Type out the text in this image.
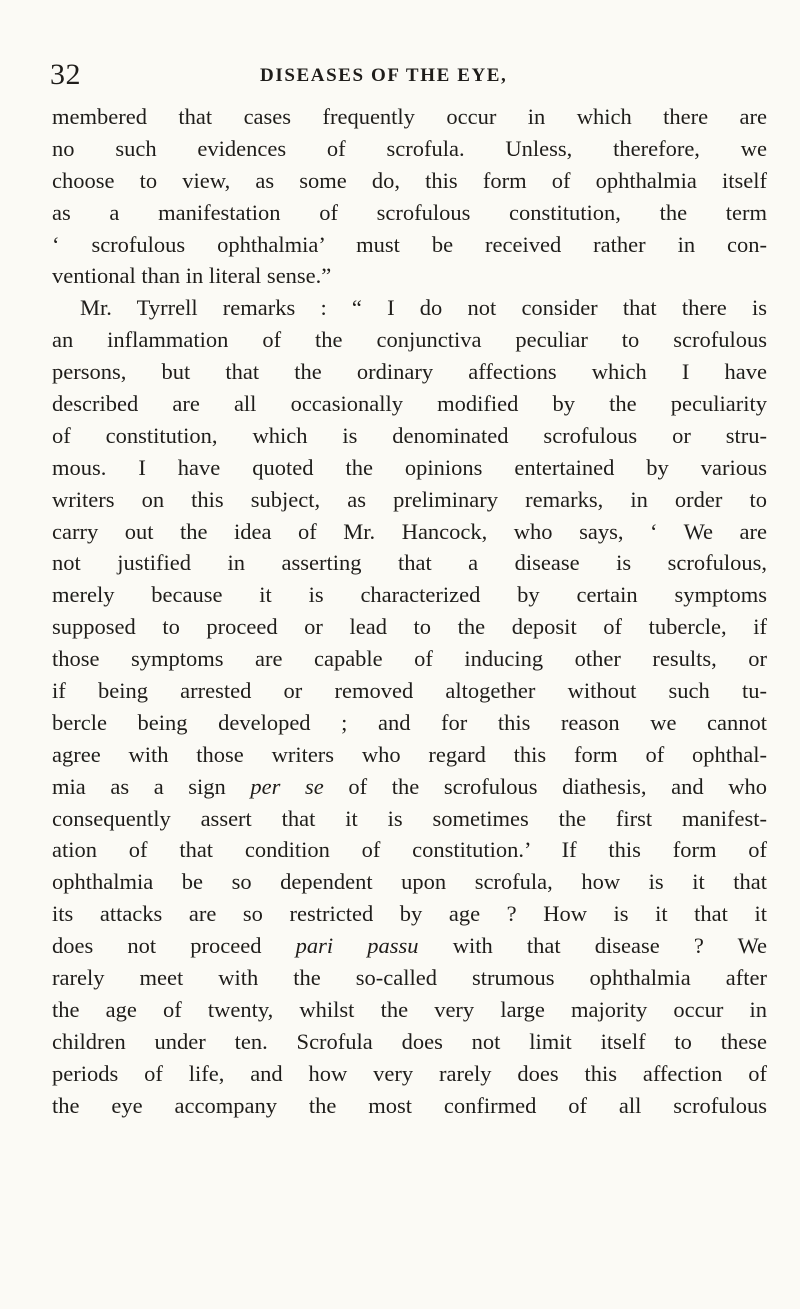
32	DISEASES OF THE EYE,
membered that cases frequently occur in which there are
no such evidences of scrofula. Unless, therefore, we
choose to view, as some do, this form of ophthalmia itself
as a manifestation of scrofulous constitution, the term
‘ scrofulous ophthalmia’ must be received rather in con-
ventional than in literal sense.”
Mr. Tyrrell remarks : “ I do not consider that there is
an inflammation of the conjunctiva peculiar to scrofulous
persons, but that the ordinary affections which I have
described are all occasionally modified by the peculiarity
of constitution, which is denominated scrofulous or stru-
mous. I have quoted the opinions entertained by various
writers on this subject, as preliminary remarks, in order to
carry out the idea of Mr. Hancock, who says, ‘ We are
not justified in asserting that a disease is scrofulous,
merely because it is characterized by certain symptoms
supposed to proceed or lead to the deposit of tubercle, if
those symptoms are capable of inducing other results, or
if being arrested or removed altogether without such tu-
bercle being developed ; and for this reason we cannot
agree with those writers who regard this form of ophthal-
mia as a sign per se of the scrofulous diathesis, and who
consequently assert that it is sometimes the first manifest-
ation of that condition of constitution.’ If this form of
ophthalmia be so dependent upon scrofula, how is it that
its attacks are so restricted by age ? How is it that it
does not proceed pari passu with that disease ? We
rarely meet with the so-called strumous ophthalmia after
the age of twenty, whilst the very large majority occur in
children under ten. Scrofula does not limit itself to these
periods of life, and how very rarely does this affection of
the eye accompany the most confirmed of all scrofulous
